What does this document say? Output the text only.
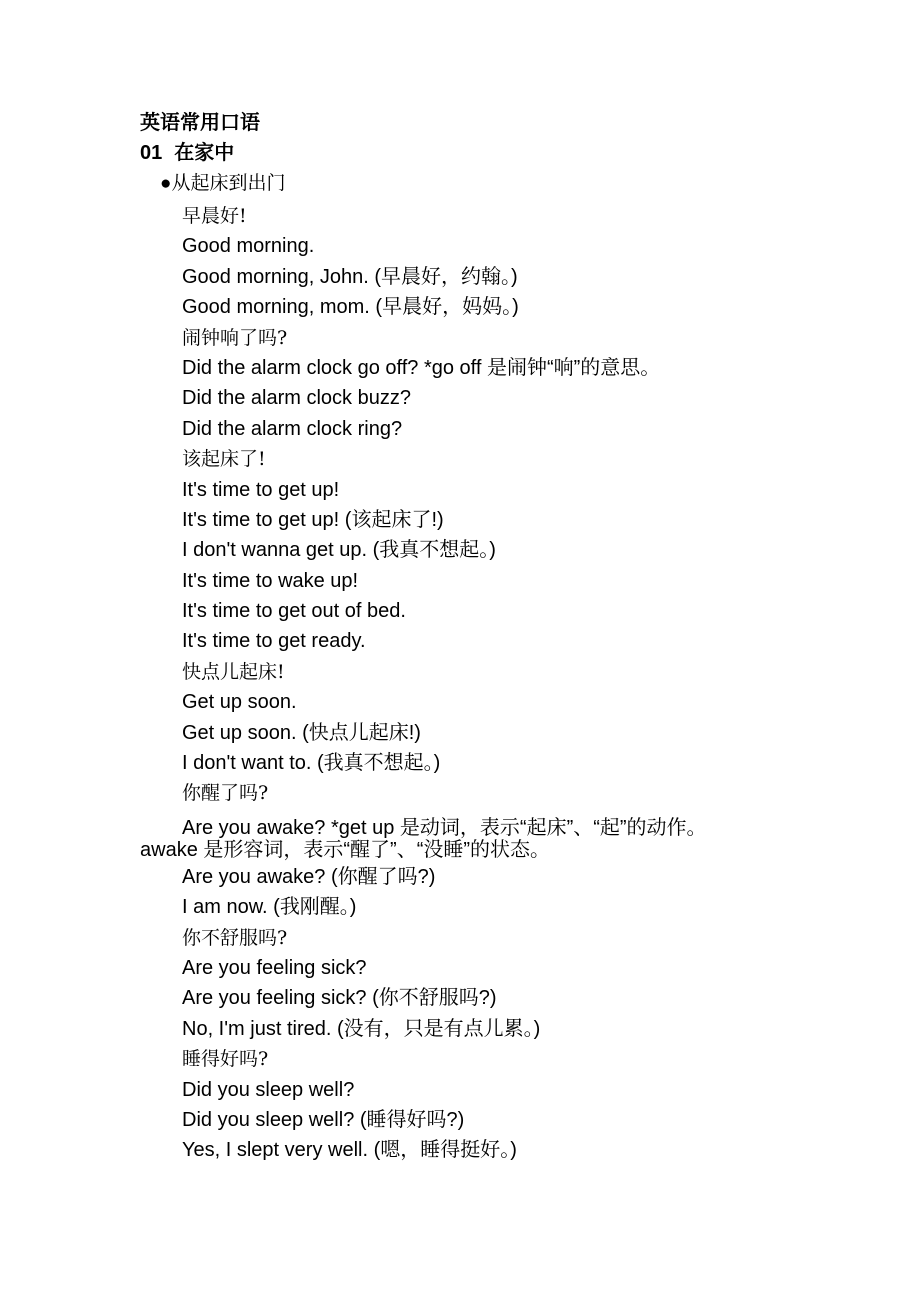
英语常用口语
01 在家中
●从起床到出门
早晨好!
Good morning.
Good morning, John. (早晨好，约翰。)
Good morning, mom. (早晨好，妈妈。)
闹钟响了吗?
Did the alarm clock go off? *go off 是闹钟“响”的意思。
Did the alarm clock buzz?
Did the alarm clock ring?
该起床了!
It's time to get up!
It's time to get up! (该起床了!)
I don't wanna get up. (我真不想起。)
It's time to wake up!
It's time to get out of bed.
It's time to get ready.
快点儿起床!
Get up soon.
Get up soon. (快点儿起床!)
I don't want to. (我真不想起。)
你醒了吗?
Are you awake? *get up 是动词，表示“起床”、“起”的动作。
awake 是形容词，表示“醒了”、“没睡”的状态。
Are you awake? (你醒了吗?)
I am now. (我刚醒。)
你不舒服吗?
Are you feeling sick?
Are you feeling sick? (你不舒服吗?)
No, I'm just tired. (没有，只是有点儿累。)
睡得好吗?
Did you sleep well?
Did you sleep well? (睡得好吗?)
Yes, I slept very well. (嗯，睡得挺好。)
